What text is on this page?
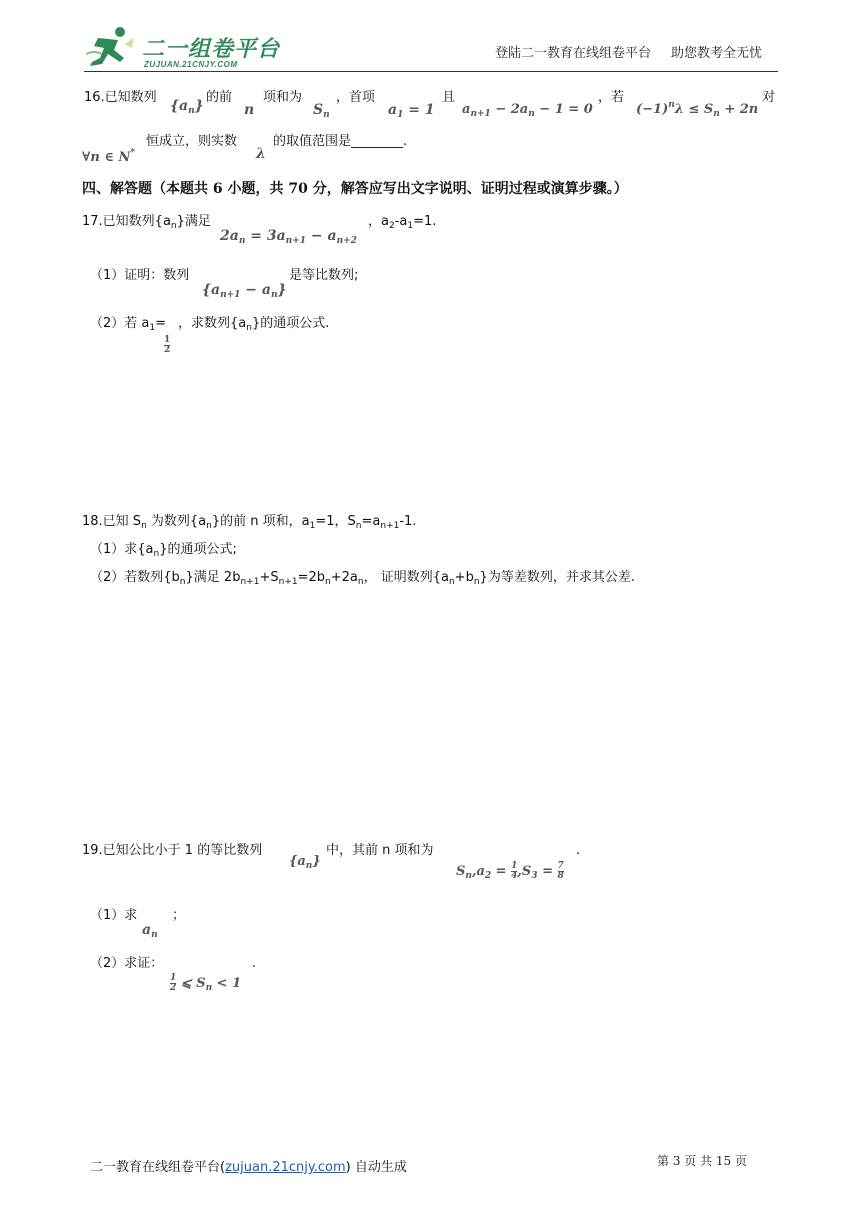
二一组卷平台
ZUJUAN.21CNJY.COM
登陆二一教育在线组卷平台 助您教考全无忧
16.已知数列
$\{a_n\}$
的前
n
项和为
$S_n$
，首项
$a_1 = 1$
且
$a_{n+1} - 2a_n - 1 = 0$
，若
$(-1)^n\lambda \le S_n + 2n$
对
∀n ∈ N*
恒成立，则实数
λ
的取值范围是________.
四、解答题（本题共 6 小题，共 70 分，解答应写出文字说明、证明过程或演算步骤。）
17.已知数列$\{a_n\}$满足
$2a_n = 3a_{n+1} - a_{n+2}$
，$a_2-a_1=1$.
（1）证明：数列
$\{a_{n+1} - a_n\}$
是等比数列;
（2）若 $a_1=$
$\frac{1}{2}$
，求数列$\{a_n\}$的通项公式.
18.已知 $S_n$ 为数列$\{a_n\}$的前 n 项和，$a_1=1$，$S_n=a_{n+1}-1$.
（1）求$\{a_n\}$的通项公式;
（2）若数列$\{b_n\}$满足 $2b_{n+1}+S_{n+1}=2b_n+2a_n$， 证明数列$\{a_n+b_n\}$为等差数列，并求其公差.
19.已知公比小于 1 的等比数列
$\{a_n\}$
中，其前 n 项和为
$S_n,a_2 = \frac{1}{4} ,S_3 = \frac{7}{8}$
.
（1）求
$a_n$
；
（2）求证：
$\frac{1}{2}$ ⩽ $S_n < 1$
.
二一教育在线组卷平台(zujuan.21cnjy.com) 自动生成	第 3 页 共 15 页
